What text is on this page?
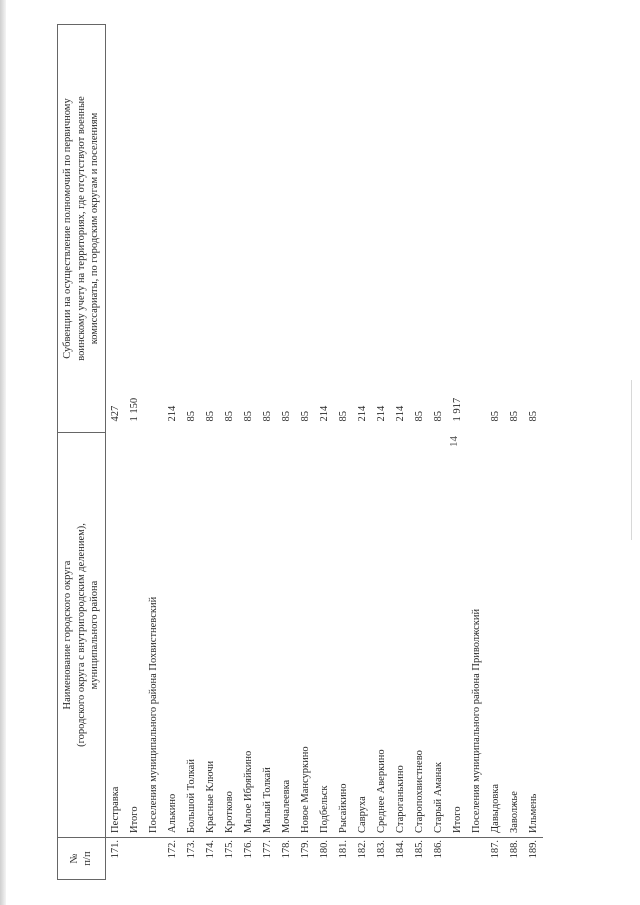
14
№
п/п	Наименование городского округа
(городского округа с внутригородским делением),
муниципального района	Субвенции на осуществление полномочий по первичному
воинскому учету на территориях, где отсутствуют военные
комиссариаты, по городским округам и поселениям
171.	Пестравка	427
	Итого	1 150
	Поселения муниципального района Похвистневский	
172.	Алькино	214
173.	Большой Толкай	85
174.	Красные Ключи	85
175.	Кротково	85
176.	Малое Ибряйкино	85
177.	Малый Толкай	85
178.	Мочалеевка	85
179.	Новое Мансуркино	85
180.	Подбельск	214
181.	Рысайкино	85
182.	Савруха	214
183.	Среднее Аверкино	214
184.	Староганькино	214
185.	Старопохвистнево	85
186.	Старый Аманак	85
	Итого	1 917
	Поселения муниципального района Приволжский	
187.	Давыдовка	85
188.	Заволжье	85
189.	Ильмень	85
